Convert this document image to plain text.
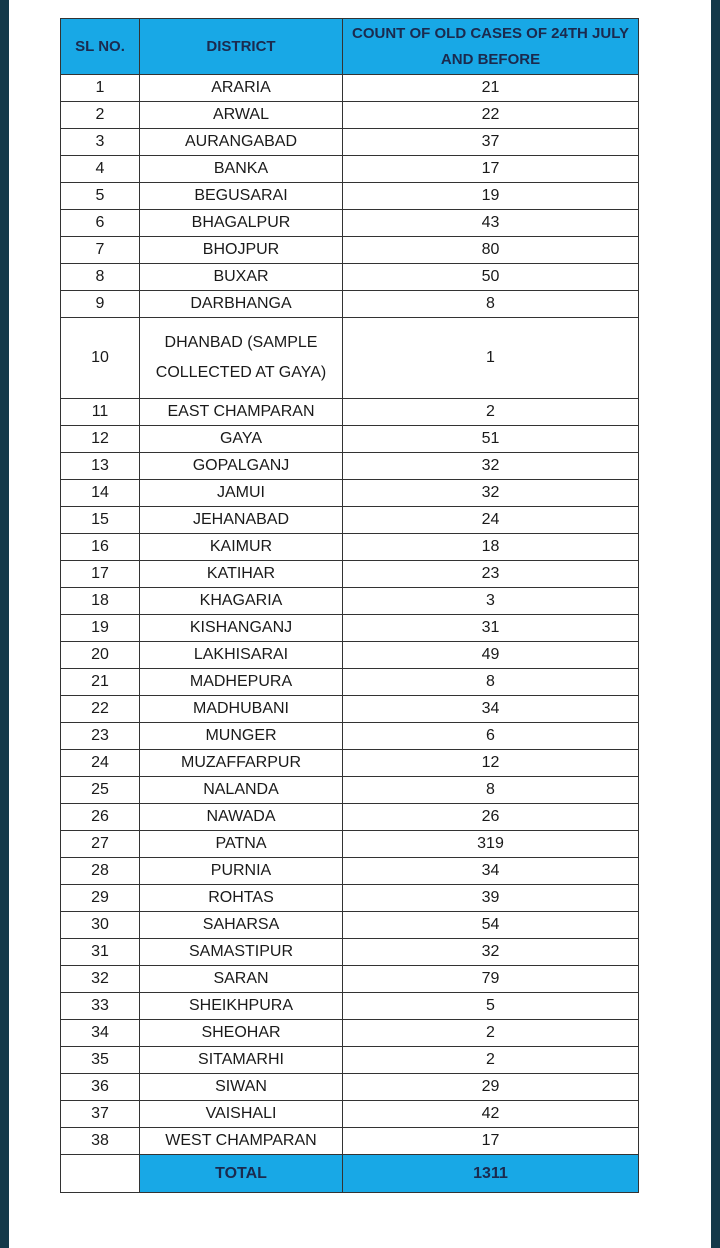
SL NO.	DISTRICT	COUNT OF OLD CASES OF 24TH JULY AND BEFORE
1	ARARIA	21
2	ARWAL	22
3	AURANGABAD	37
4	BANKA	17
5	BEGUSARAI	19
6	BHAGALPUR	43
7	BHOJPUR	80
8	BUXAR	50
9	DARBHANGA	8
10	DHANBAD (SAMPLE COLLECTED AT GAYA)	1
11	EAST CHAMPARAN	2
12	GAYA	51
13	GOPALGANJ	32
14	JAMUI	32
15	JEHANABAD	24
16	KAIMUR	18
17	KATIHAR	23
18	KHAGARIA	3
19	KISHANGANJ	31
20	LAKHISARAI	49
21	MADHEPURA	8
22	MADHUBANI	34
23	MUNGER	6
24	MUZAFFARPUR	12
25	NALANDA	8
26	NAWADA	26
27	PATNA	319
28	PURNIA	34
29	ROHTAS	39
30	SAHARSA	54
31	SAMASTIPUR	32
32	SARAN	79
33	SHEIKHPURA	5
34	SHEOHAR	2
35	SITAMARHI	2
36	SIWAN	29
37	VAISHALI	42
38	WEST CHAMPARAN	17
	TOTAL	1311
